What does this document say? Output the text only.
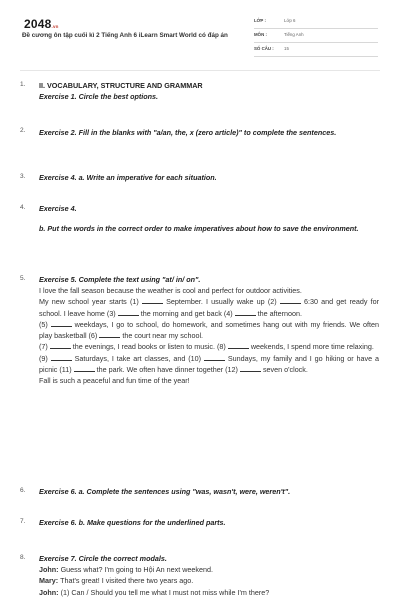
2048.vn
Đề cương ôn tập cuối kì 2 Tiếng Anh 6 iLearn Smart World có đáp án
LỚP :	Lớp 6
MÔN :	Tiếng Anh
SỐ CÂU : 15
1. II. VOCABULARY, STRUCTURE AND GRAMMAR
Exercise 1. Circle the best options.
2. Exercise 2. Fill in the blanks with "a/an, the, x (zero article)" to complete the sentences.
3. Exercise 4. a. Write an imperative for each situation.
4. Exercise 4.
b. Put the words in the correct order to make imperatives about how to save the environment.
5. Exercise 5. Complete the text using "at/ in/ on".
I love the fall season because the weather is cool and perfect for outdoor activities.
My new school year starts (1)	September. I usually wake up (2)	6:30 and get ready for school. I leave home (3)	the morning and get back (4)	the afternoon.
(5)	weekdays, I go to school, do homework, and sometimes hang out with my friends. We often play basketball (6)	the court near my school.
(7)	the evenings, I read books or listen to music. (8)	weekends, I spend more time relaxing.
(9)	Saturdays, I take art classes, and (10)	Sundays, my family and I go hiking or have a picnic (11)	the park. We often have dinner together (12)	seven o'clock.
Fall is such a peaceful and fun time of the year!
6. Exercise 6. a. Complete the sentences using "was, wasn't, were, weren't".
7. Exercise 6. b. Make questions for the underlined parts.
8. Exercise 7. Circle the correct modals.
John: Guess what? I'm going to Hội An next weekend.
Mary: That's great! I visited there two years ago.
John: (1) Can / Should you tell me what I must not miss while I'm there?
